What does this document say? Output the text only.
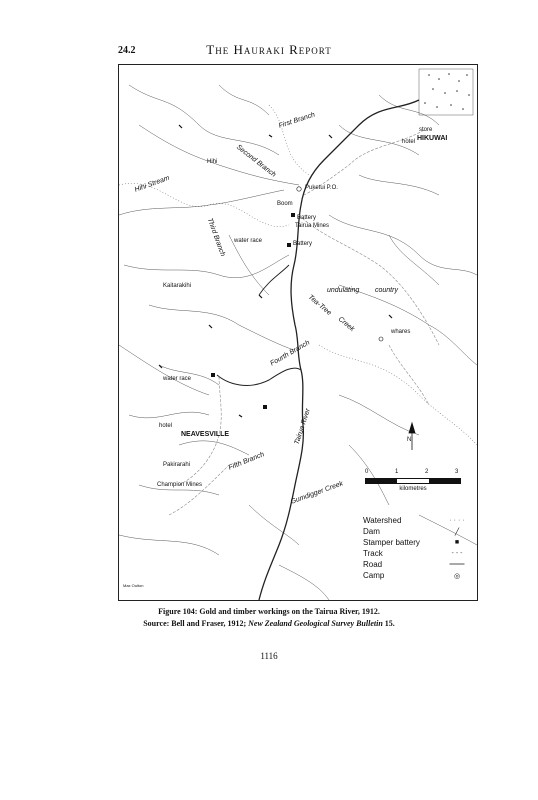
24.2	The Hauraki Report
HIKUWAI
hotel
store
Puketui P.O.
Boom
Battery
Tairua Mines
Battery
water race
Hihi
Kaitarakihi
water race
hotel
NEAVESVILLE
Pakirarahi
Champion Mines
whares
First Branch
Second Branch
Hihi Stream
Third Branch
undulating country
Tea-Tree
Creek
Fourth Branch
Tairua River
Fifth Branch
Gumdigger Creek
N
0	1	2	3
kilometres
Watershed	· · · ·
Dam	╱
Stamper battery	■
Track	- - -
Road	═══
Camp	◎
Max Oulton
Figure 104: Gold and timber workings on the Tairua River, 1912.
Source: Bell and Fraser, 1912; New Zealand Geological Survey Bulletin 15.
1116
